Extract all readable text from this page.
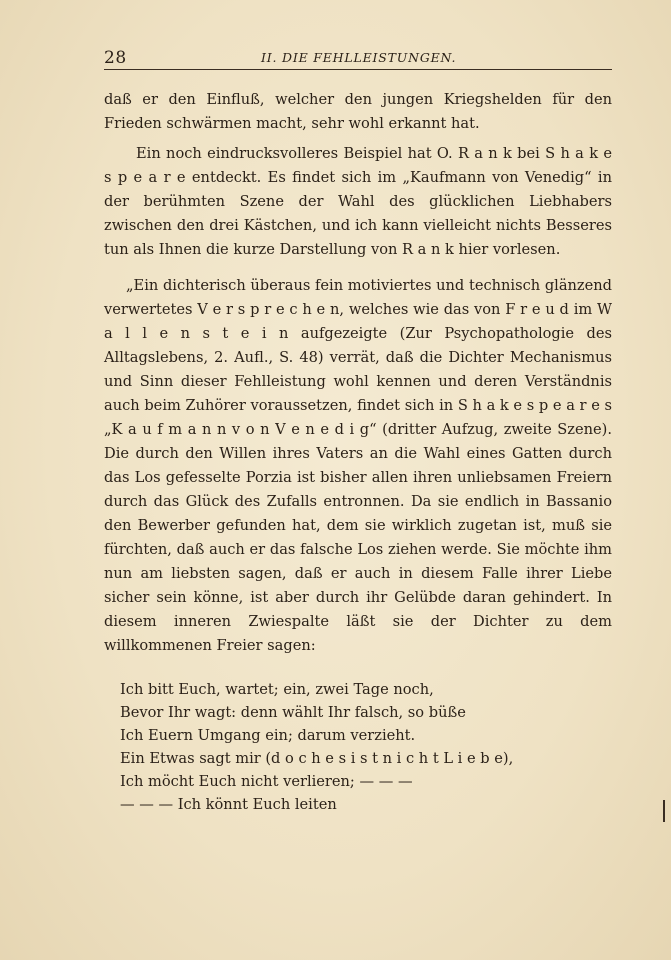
28	II. DIE FEHLLEISTUNGEN.

daß er den Einfluß, welcher den jungen Kriegshelden für den Frieden schwärmen macht, sehr wohl erkannt hat.

Ein noch eindrucksvolleres Beispiel hat O. R a n k bei S h a k e s p e a r e entdeckt. Es findet sich im „Kaufmann von Venedig“ in der berühmten Szene der Wahl des glücklichen Liebhabers zwischen den drei Kästchen, und ich kann vielleicht nichts Besseres tun als Ihnen die kurze Darstellung von R a n k hier vorlesen.

„Ein dichterisch überaus fein motiviertes und technisch glänzend verwertetes V e r s p r e c h e n, welches wie das von F r e u d im W a l l e n s t e i n aufgezeigte (Zur Psychopathologie des Alltagslebens, 2. Aufl., S. 48) verrät, daß die Dichter Mechanismus und Sinn dieser Fehlleistung wohl kennen und deren Verständnis auch beim Zuhörer voraussetzen, findet sich in S h a k e s p e a r e s „K a u f m a n n v o n V e n e d i g“ (dritter Aufzug, zweite Szene). Die durch den Willen ihres Vaters an die Wahl eines Gatten durch das Los gefesselte Porzia ist bisher allen ihren unliebsamen Freiern durch das Glück des Zufalls entronnen. Da sie endlich in Bassanio den Bewerber gefunden hat, dem sie wirklich zugetan ist, muß sie fürchten, daß auch er das falsche Los ziehen werde. Sie möchte ihm nun am liebsten sagen, daß er auch in diesem Falle ihrer Liebe sicher sein könne, ist aber durch ihr Gelübde daran gehindert. In diesem inneren Zwiespalte läßt sie der Dichter zu dem willkommenen Freier sagen:

Ich bitt Euch, wartet; ein, zwei Tage noch,
Bevor Ihr wagt: denn wählt Ihr falsch, so büße
Ich Euern Umgang ein; darum verzieht.
Ein Etwas sagt mir (d o c h e s i s t n i c h t L i e b e),
Ich möcht Euch nicht verlieren; — — —
— — — Ich könnt Euch leiten
